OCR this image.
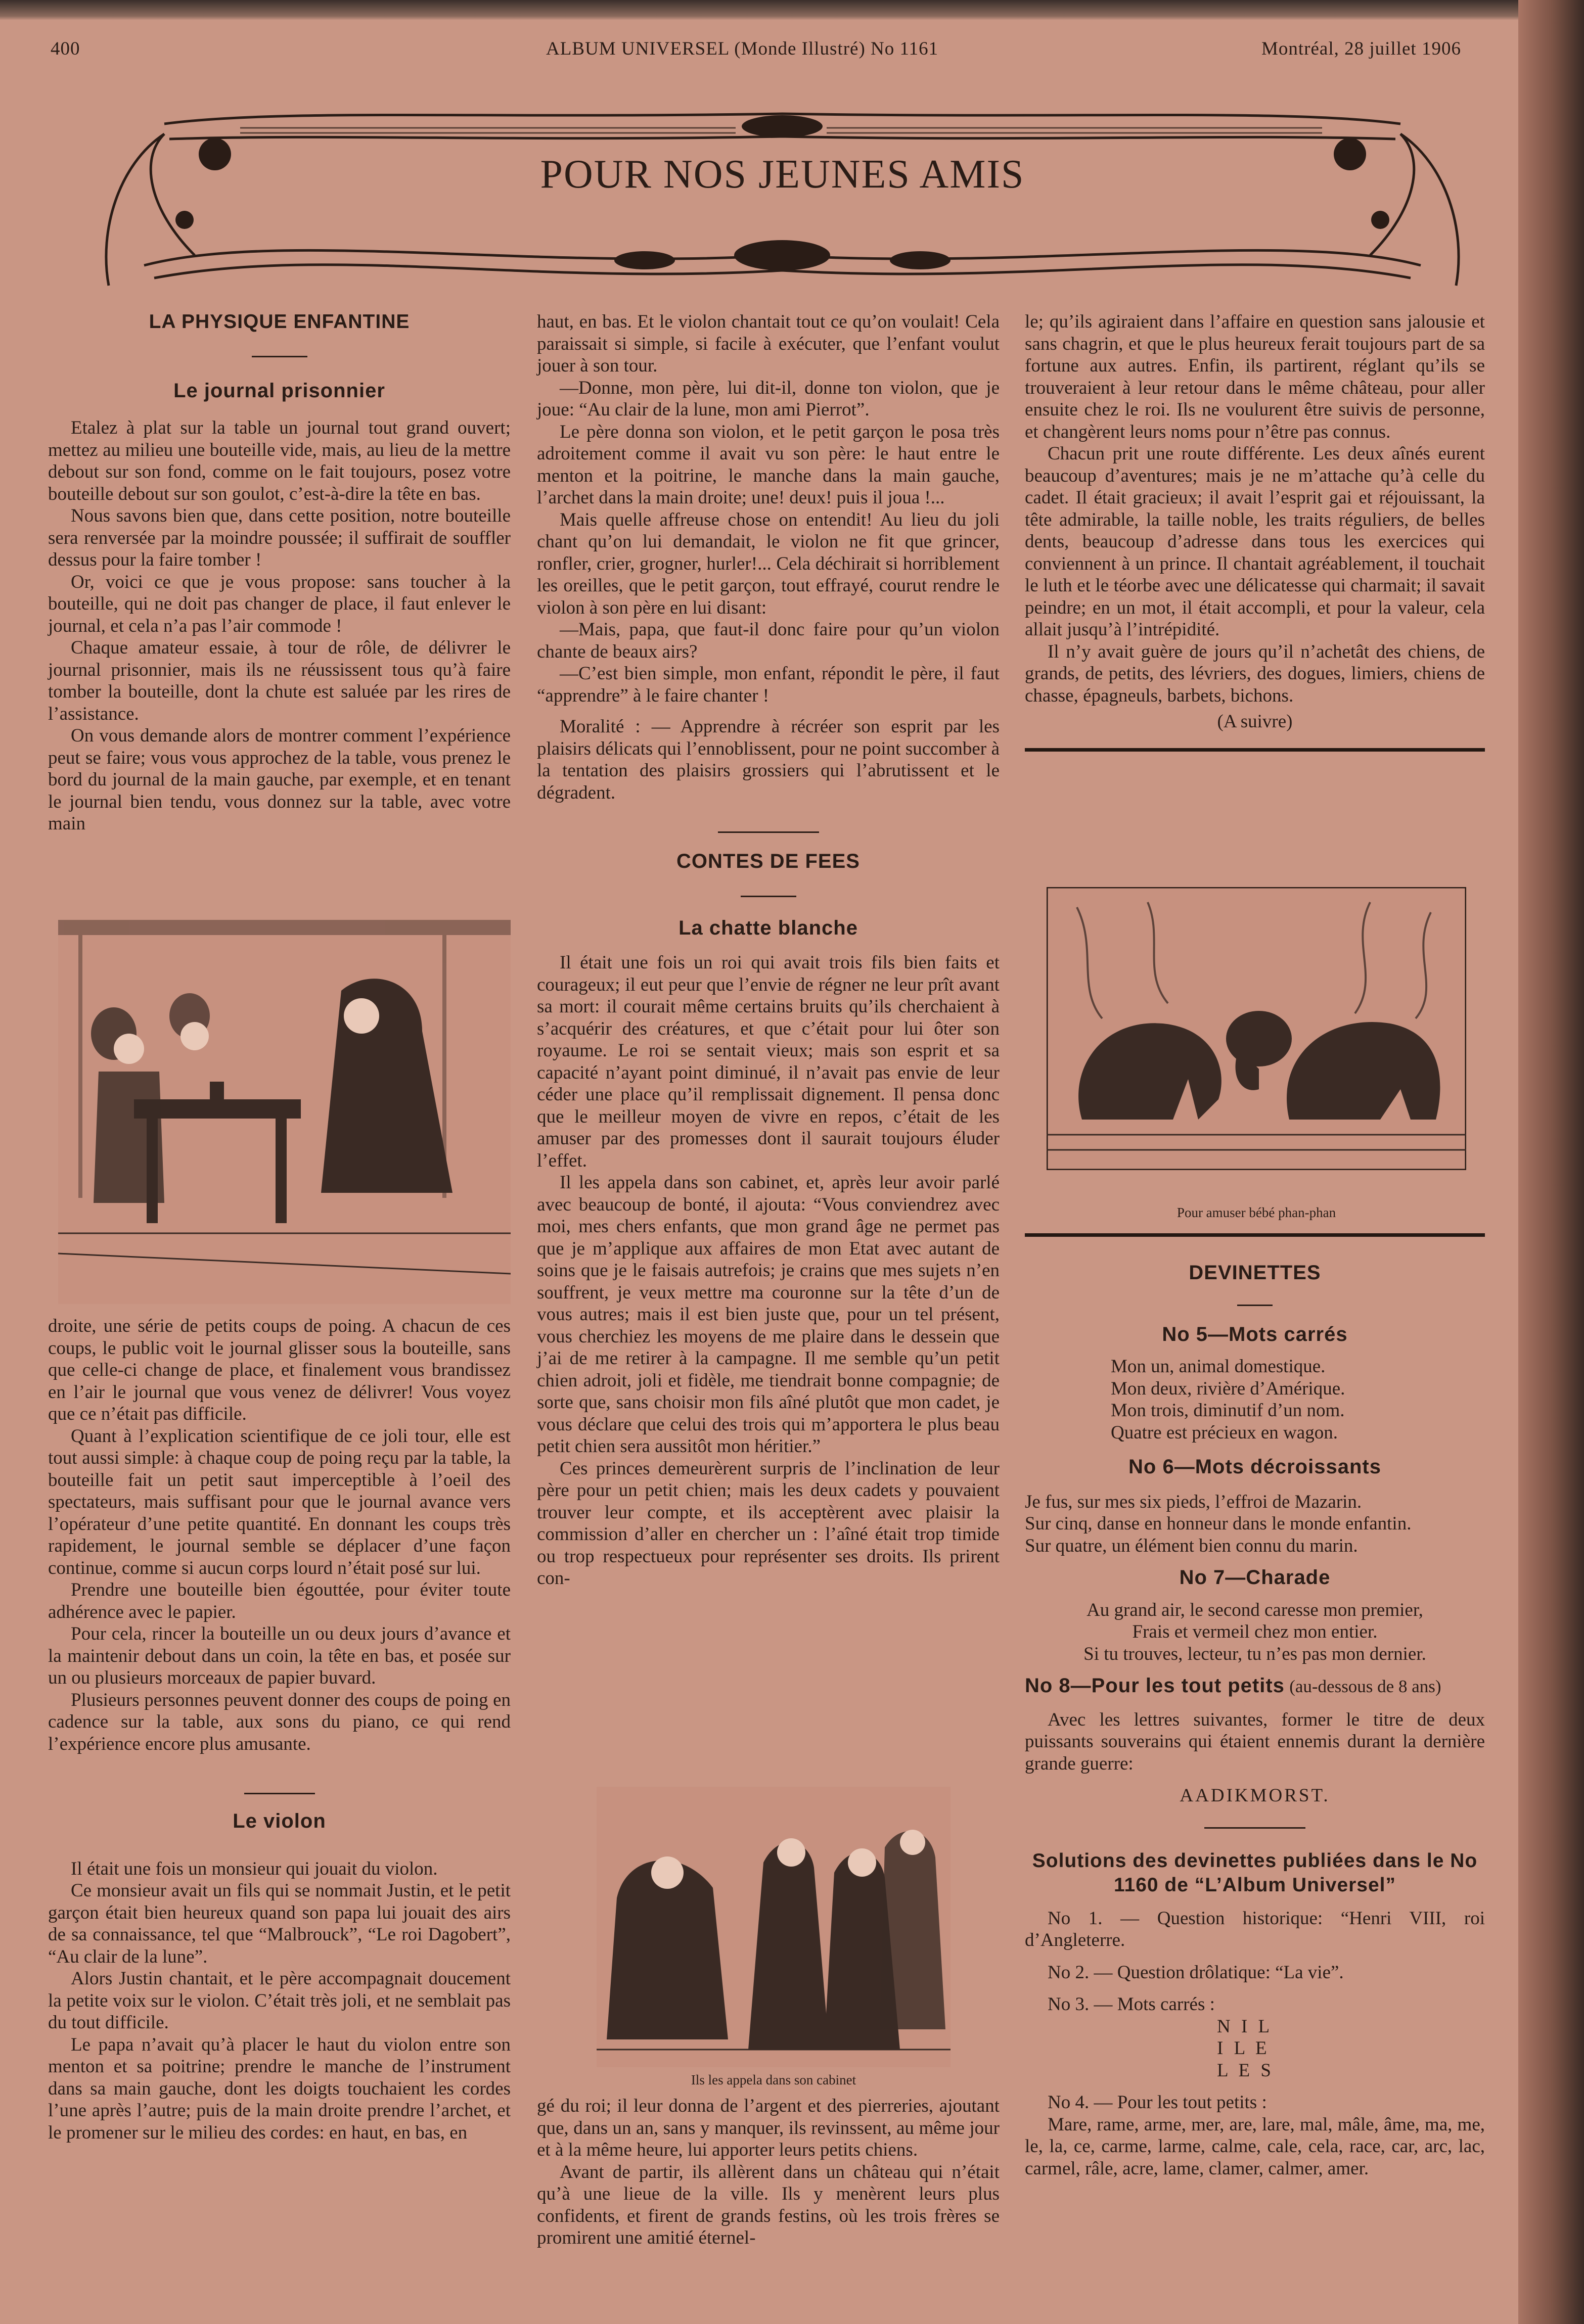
400	ALBUM UNIVERSEL (Monde Illustré) No 1161	Montréal, 28 juillet 1906
POUR NOS JEUNES AMIS
LA PHYSIQUE ENFANTINE
Le journal prisonnier

Etalez à plat sur la table un journal tout grand ouvert; mettez au milieu une bouteille vide, mais, au lieu de la mettre debout sur son fond, comme on le fait toujours, posez votre bouteille debout sur son goulot, c’est-à-dire la tête en bas.

Nous savons bien que, dans cette position, notre bouteille sera renversée par la moindre poussée; il suffirait de souffler dessus pour la faire tomber !

Or, voici ce que je vous propose: sans toucher à la bouteille, qui ne doit pas changer de place, il faut enlever le journal, et cela n’a pas l’air commode !

Chaque amateur essaie, à tour de rôle, de délivrer le journal prisonnier, mais ils ne réussissent tous qu’à faire tomber la bouteille, dont la chute est saluée par les rires de l’assistance.

On vous demande alors de montrer comment l’expérience peut se faire; vous vous approchez de la table, vous prenez le bord du journal de la main gauche, par exemple, et en tenant le journal bien tendu, vous donnez sur la table, avec votre main

droite, une série de petits coups de poing. A chacun de ces coups, le public voit le journal glisser sous la bouteille, sans que celle-ci change de place, et finalement vous brandissez en l’air le journal que vous venez de délivrer! Vous voyez que ce n’était pas difficile.

Quant à l’explication scientifique de ce joli tour, elle est tout aussi simple: à chaque coup de poing reçu par la table, la bouteille fait un petit saut imperceptible à l’oeil des spectateurs, mais suffisant pour que le journal avance vers l’opérateur d’une petite quantité. En donnant les coups très rapidement, le journal semble se déplacer d’une façon continue, comme si aucun corps lourd n’était posé sur lui.

Prendre une bouteille bien égouttée, pour éviter toute adhérence avec le papier.

Pour cela, rincer la bouteille un ou deux jours d’avance et la maintenir debout dans un coin, la tête en bas, et posée sur un ou plusieurs morceaux de papier buvard.

Plusieurs personnes peuvent donner des coups de poing en cadence sur la table, aux sons du piano, ce qui rend l’expérience encore plus amusante.

Le violon

Il était une fois un monsieur qui jouait du violon.

Ce monsieur avait un fils qui se nommait Justin, et le petit garçon était bien heureux quand son papa lui jouait des airs de sa connaissance, tel que “Malbrouck”, “Le roi Dagobert”, “Au clair de la lune”.

Alors Justin chantait, et le père accompagnait doucement la petite voix sur le violon. C’était très joli, et ne semblait pas du tout difficile.

Le papa n’avait qu’à placer le haut du violon entre son menton et sa poitrine; prendre le manche de l’instrument dans sa main gauche, dont les doigts touchaient les cordes l’une après l’autre; puis de la main droite prendre l’archet, et le promener sur le milieu des cordes: en haut, en bas, en

haut, en bas. Et le violon chantait tout ce qu’on voulait! Cela paraissait si simple, si facile à exécuter, que l’enfant voulut jouer à son tour.

—Donne, mon père, lui dit-il, donne ton violon, que je joue: “Au clair de la lune, mon ami Pierrot”.

Le père donna son violon, et le petit garçon le posa très adroitement comme il avait vu son père: le haut entre le menton et la poitrine, le manche dans la main gauche, l’archet dans la main droite; une! deux! puis il joua !...

Mais quelle affreuse chose on entendit! Au lieu du joli chant qu’on lui demandait, le violon ne fit que grincer, ronfler, crier, grogner, hurler!... Cela déchirait si horriblement les oreilles, que le petit garçon, tout effrayé, courut rendre le violon à son père en lui disant:

—Mais, papa, que faut-il donc faire pour qu’un violon chante de beaux airs?

—C’est bien simple, mon enfant, répondit le père, il faut “apprendre” à le faire chanter !

Moralité : — Apprendre à récréer son esprit par les plaisirs délicats qui l’ennoblissent, pour ne point succomber à la tentation des plaisirs grossiers qui l’abrutissent et le dégradent.

CONTES DE FEES
La chatte blanche

Il était une fois un roi qui avait trois fils bien faits et courageux; il eut peur que l’envie de régner ne leur prît avant sa mort: il courait même certains bruits qu’ils cherchaient à s’acquérir des créatures, et que c’était pour lui ôter son royaume. Le roi se sentait vieux; mais son esprit et sa capacité n’ayant point diminué, il n’avait pas envie de leur céder une place qu’il remplissait dignement. Il pensa donc que le meilleur moyen de vivre en repos, c’était de les amuser par des promesses dont il saurait toujours éluder l’effet.

Il les appela dans son cabinet, et, après leur avoir parlé avec beaucoup de bonté, il ajouta: “Vous conviendrez avec moi, mes chers enfants, que mon grand âge ne permet pas que je m’applique aux affaires de mon Etat avec autant de soins que je le faisais autrefois; je crains que mes sujets n’en souffrent, je veux mettre ma couronne sur la tête d’un de vous autres; mais il est bien juste que, pour un tel présent, vous cherchiez les moyens de me plaire dans le dessein que j’ai de me retirer à la campagne. Il me semble qu’un petit chien adroit, joli et fidèle, me tiendrait bonne compagnie; de sorte que, sans choisir mon fils aîné plutôt que mon cadet, je vous déclare que celui des trois qui m’apportera le plus beau petit chien sera aussitôt mon héritier.”

Ces princes demeurèrent surpris de l’inclination de leur père pour un petit chien; mais les deux cadets y pouvaient trouver leur compte, et ils acceptèrent avec plaisir la commission d’aller en chercher un : l’aîné était trop timide ou trop respectueux pour représenter ses droits. Ils prirent con-

Ils les appela dans son cabinet

gé du roi; il leur donna de l’argent et des pierreries, ajoutant que, dans un an, sans y manquer, ils revinssent, au même jour et à la même heure, lui apporter leurs petits chiens.

Avant de partir, ils allèrent dans un château qui n’était qu’à une lieue de la ville. Ils y menèrent leurs plus confidents, et firent de grands festins, où les trois frères se promirent une amitié éternel-

le; qu’ils agiraient dans l’affaire en question sans jalousie et sans chagrin, et que le plus heureux ferait toujours part de sa fortune aux autres. Enfin, ils partirent, réglant qu’ils se trouveraient à leur retour dans le même château, pour aller ensuite chez le roi. Ils ne voulurent être suivis de personne, et changèrent leurs noms pour n’être pas connus.

Chacun prit une route différente. Les deux aînés eurent beaucoup d’aventures; mais je ne m’attache qu’à celle du cadet. Il était gracieux; il avait l’esprit gai et réjouissant, la tête admirable, la taille noble, les traits réguliers, de belles dents, beaucoup d’adresse dans tous les exercices qui conviennent à un prince. Il chantait agréablement, il touchait le luth et le téorbe avec une délicatesse qui charmait; il savait peindre; en un mot, il était accompli, et pour la valeur, cela allait jusqu’à l’intrépidité.

Il n’y avait guère de jours qu’il n’achetât des chiens, de grands, de petits, des lévriers, des dogues, limiers, chiens de chasse, épagneuls, barbets, bichons.

(A suivre)
Pour amuser bébé phan-phan
DEVINETTES
No 5—Mots carrés
Mon un, animal domestique.
Mon deux, rivière d’Amérique.
Mon trois, diminutif d’un nom.
Quatre est précieux en wagon.
No 6—Mots décroissants
Je fus, sur mes six pieds, l’effroi de Mazarin.
Sur cinq, danse en honneur dans le monde enfantin.
Sur quatre, un élément bien connu du marin.
No 7—Charade
Au grand air, le second caresse mon premier,
Frais et vermeil chez mon entier.
Si tu trouves, lecteur, tu n’es pas mon dernier.
No 8—Pour les tout petits (au-dessous de 8 ans)

Avec les lettres suivantes, former le titre de deux puissants souverains qui étaient ennemis durant la dernière grande guerre:

AADIKMORST.
Solutions des devinettes publiées dans le No 1160 de “L’Album Universel”

No 1. — Question historique: “Henri VIII, roi d’Angleterre.

No 2. — Question drôlatique: “La vie”.

No 3. — Mots carrés :

N I L
I L E
L E S

No 4. — Pour les tout petits :

Mare, rame, arme, mer, are, lare, mal, mâle, âme, ma, me, le, la, ce, carme, larme, calme, cale, cela, race, car, arc, lac, carmel, râle, acre, lame, clamer, calmer, amer.
